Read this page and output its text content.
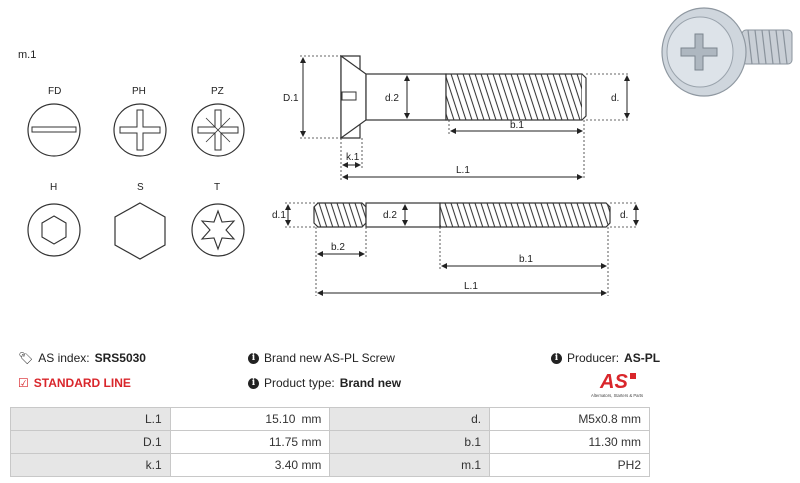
m.1
FD	PH	PZ
H	S	T
D.1	d.2	d.
b.1
k.1
L.1
d.1	d.2	d.
b.2
b.1
L.1
🏷 AS index: SRS5030
☑ STANDARD LINE
i Brand new AS-PL Screw
i Product type: Brand new
i Producer: AS-PL
AS
Alternators, Starters & Parts
L.1	15.10 mm	d.	M5x0.8 mm
D.1	11.75 mm	b.1	11.30 mm
k.1	3.40 mm	m.1	PH2
